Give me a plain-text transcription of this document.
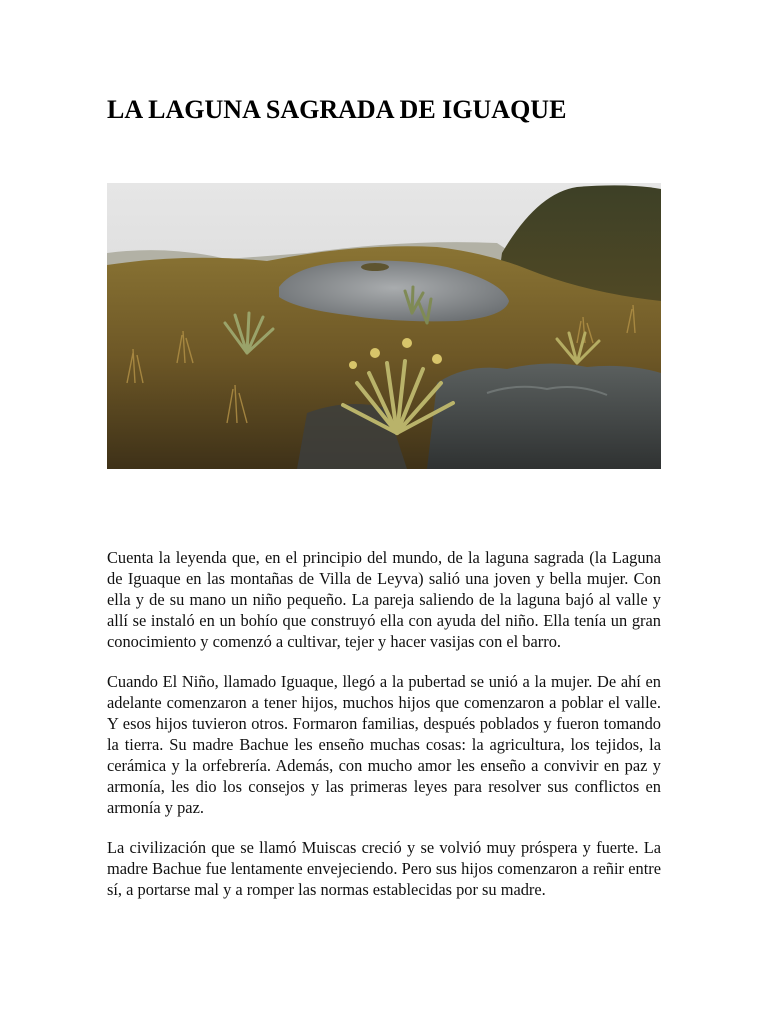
LA LAGUNA SAGRADA DE IGUAQUE

Cuenta la leyenda que, en el principio del mundo, de la laguna sagrada (la Laguna de Iguaque en las montañas de Villa de Leyva) salió una joven y bella mujer. Con ella y de su mano un niño pequeño. La pareja saliendo de la laguna bajó al valle y allí se instaló en un bohío que construyó ella con ayuda del niño. Ella tenía un gran conocimiento y comenzó a cultivar, tejer y hacer vasijas con el barro.

Cuando El Niño, llamado Iguaque, llegó a la pubertad se unió a la mujer. De ahí en adelante comenzaron a tener hijos, muchos hijos que comenzaron a poblar el valle. Y esos hijos tuvieron otros. Formaron familias, después poblados y fueron tomando la tierra. Su madre Bachue les enseño muchas cosas: la agricultura, los tejidos, la cerámica y la orfebrería. Además, con mucho amor les enseño a convivir en paz y armonía, les dio los consejos y las primeras leyes para resolver sus conflictos en armonía y paz.

La civilización que se llamó Muiscas creció y se volvió muy próspera y fuerte. La madre Bachue fue lentamente envejeciendo. Pero sus hijos comenzaron a reñir entre sí, a portarse mal y a romper las normas establecidas por su madre.
